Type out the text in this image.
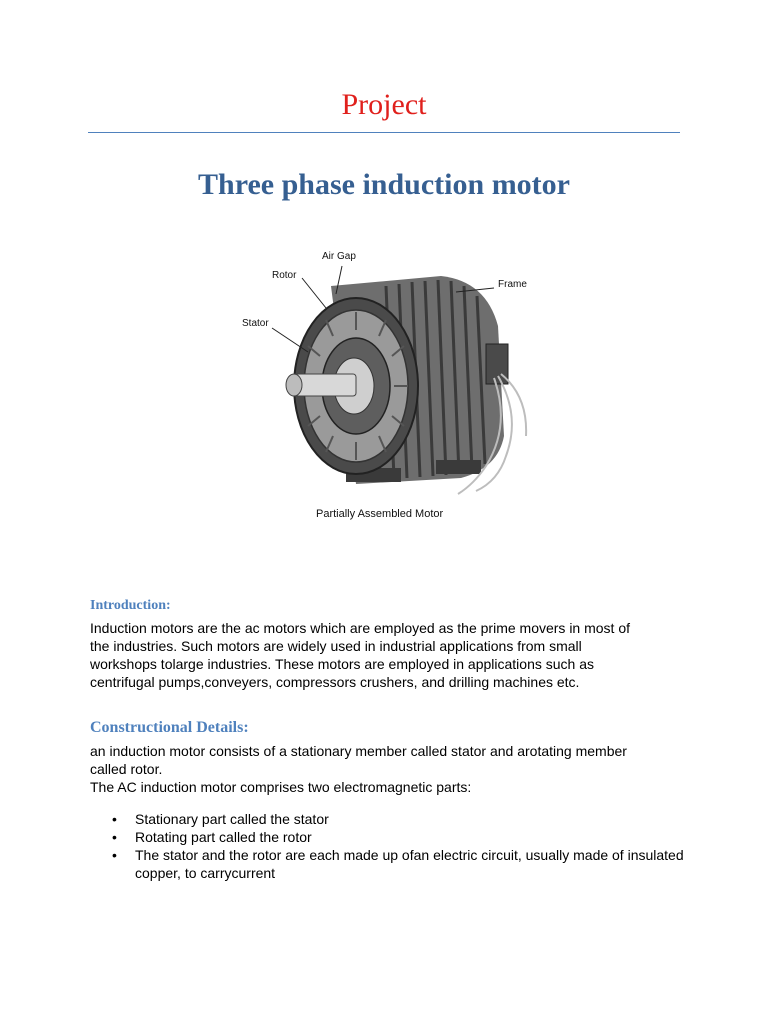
Project
Three phase induction motor
Air Gap
Rotor
Frame
Stator
Partially Assembled Motor
Introduction:

Induction motors are the ac motors which are employed as the prime movers in most of
the industries. Such motors are widely used in industrial applications from small
workshops tolarge industries. These motors are employed in applications such as
centrifugal pumps,conveyers, compressors crushers, and drilling machines etc.

Constructional Details:

an induction motor consists of a stationary member called stator and arotating member
called rotor.
The AC induction motor comprises two electromagnetic parts:

• Stationary part called the stator
• Rotating part called the rotor
• The stator and the rotor are each made up ofan electric circuit, usually made of insulated copper, to carrycurrent
